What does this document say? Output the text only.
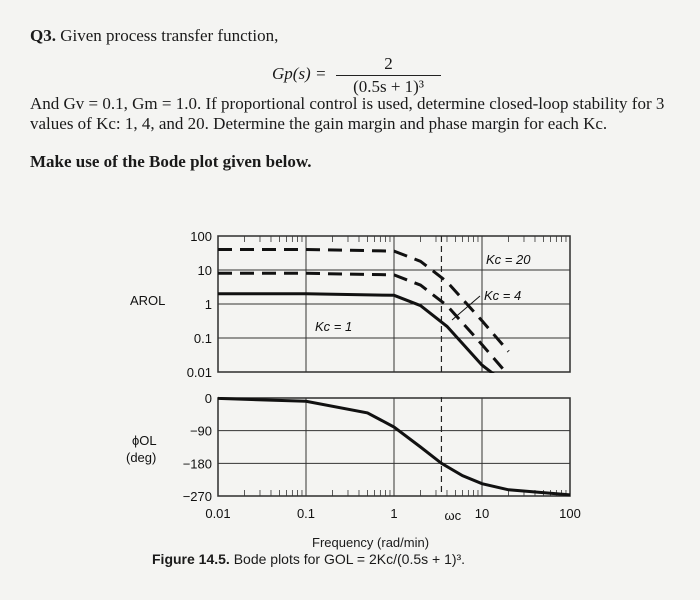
Q3. Given process transfer function,
$Gp(s) = \frac{2}{\text{(0.5s + 1)³}}$
And Gv = 0.1, Gm = 1.0. If proportional control is used, determine closed-loop stability for 3 values of Kc: 1, 4, and 20. Determine the gain margin and phase margin for each Kc.
Make use of the Bode plot given below.
100
10
1
0.1
0.01
0
−90
−180
−270
0.01	0.1	1	10	100
ωc
AROL
ϕOL
(deg)
Kc = 20
Kc = 4
Kc = 1
Frequency (rad/min)
Figure 14.5. Bode plots for GOL = 2Kc/(0.5s + 1)³.
